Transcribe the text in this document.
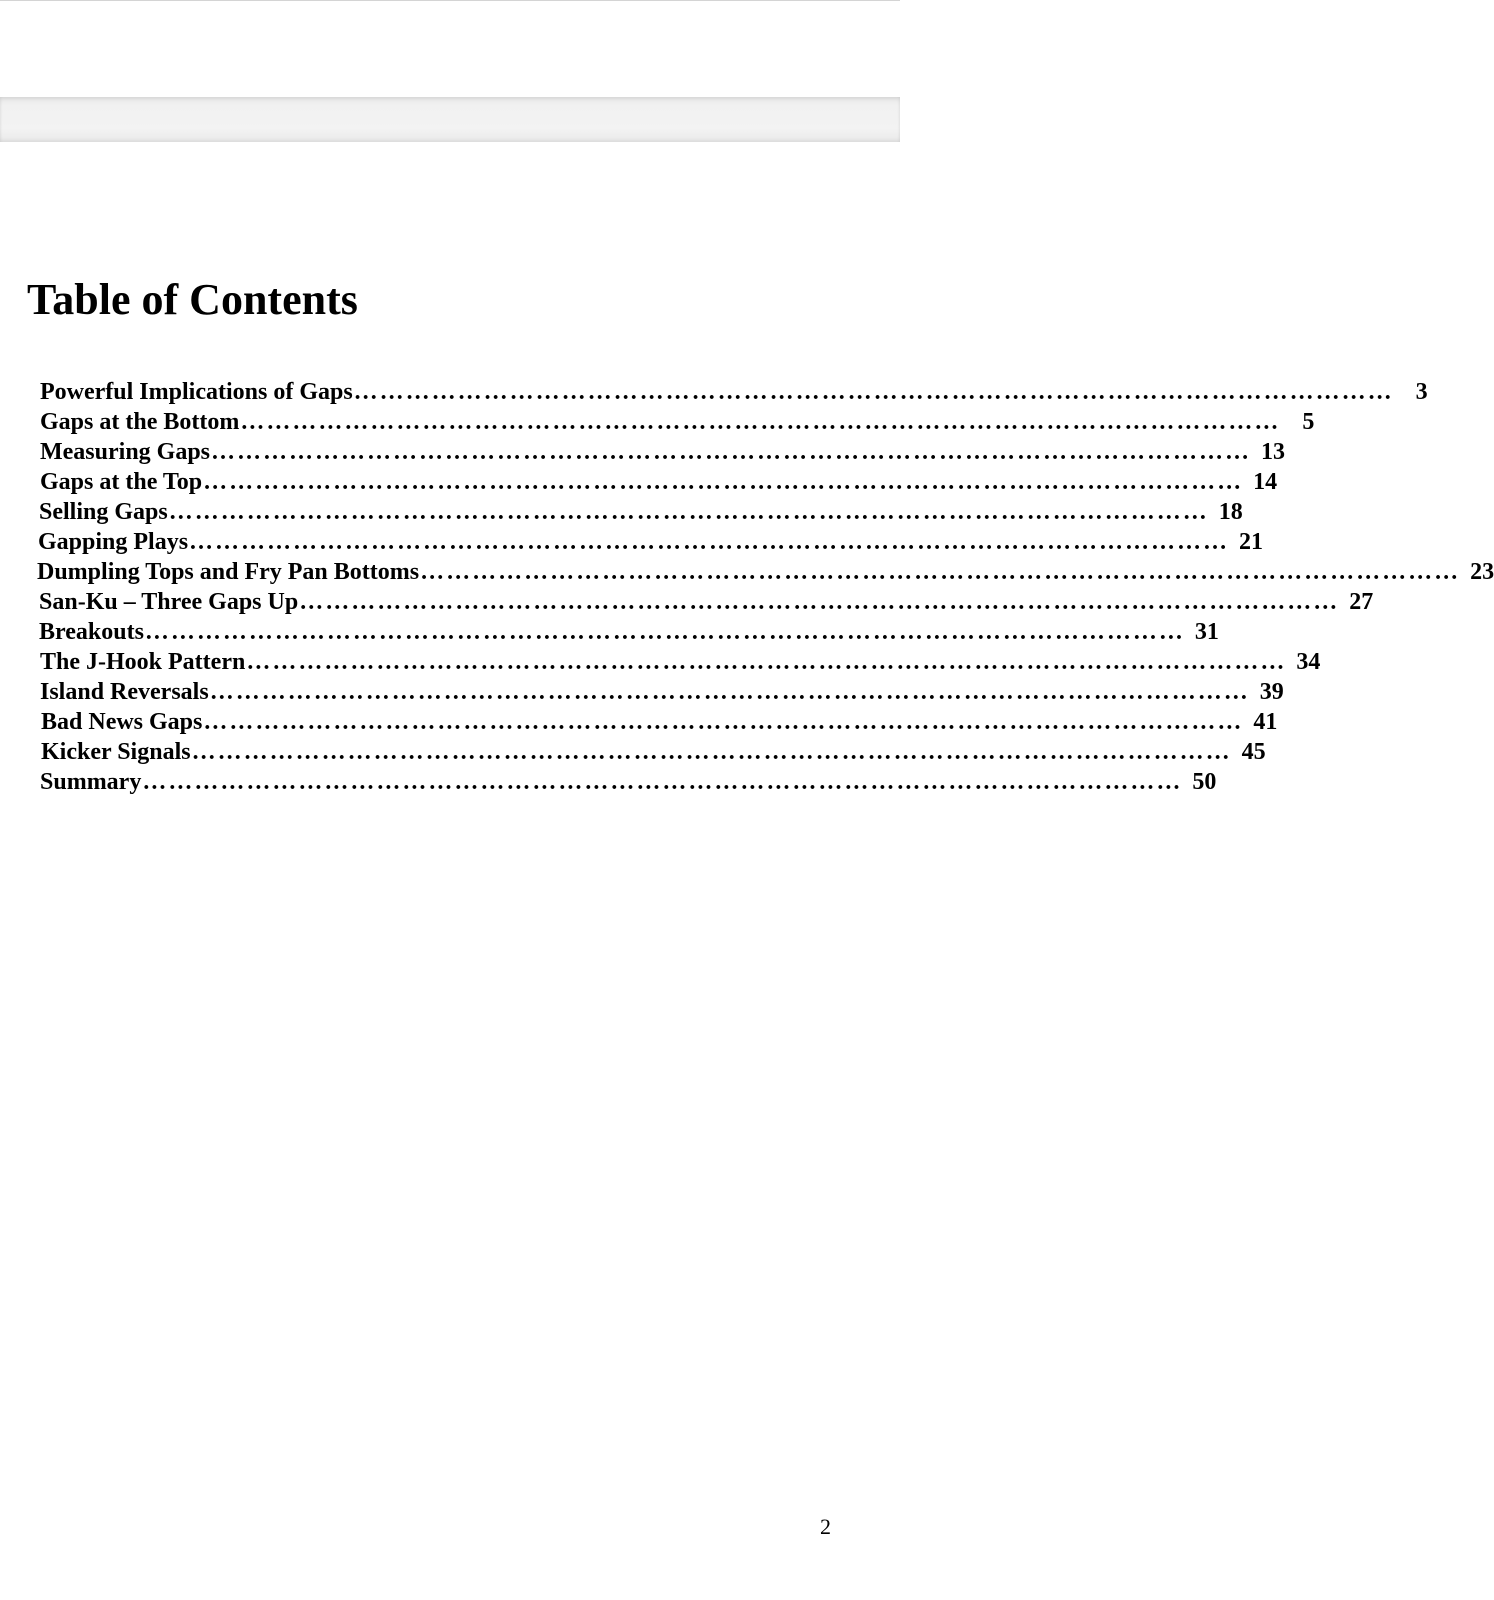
Table of Contents
Powerful Implications of Gaps ………………………………………………………………………………………………………… 3
Gaps at the Bottom ………………………………………………………………………………………………………… 5
Measuring Gaps ………………………………………………………………………………………………………… 13
Gaps at the Top ………………………………………………………………………………………………………… 14
Selling Gaps ………………………………………………………………………………………………………… 18
Gapping Plays ………………………………………………………………………………………………………… 21
Dumpling Tops and Fry Pan Bottoms ………………………………………………………………………………………………………… 23
San-Ku – Three Gaps Up ………………………………………………………………………………………………………… 27
Breakouts ………………………………………………………………………………………………………… 31
The J-Hook Pattern ………………………………………………………………………………………………………… 34
Island Reversals ………………………………………………………………………………………………………… 39
Bad News Gaps ………………………………………………………………………………………………………… 41
Kicker Signals ………………………………………………………………………………………………………… 45
Summary ………………………………………………………………………………………………………… 50
2
